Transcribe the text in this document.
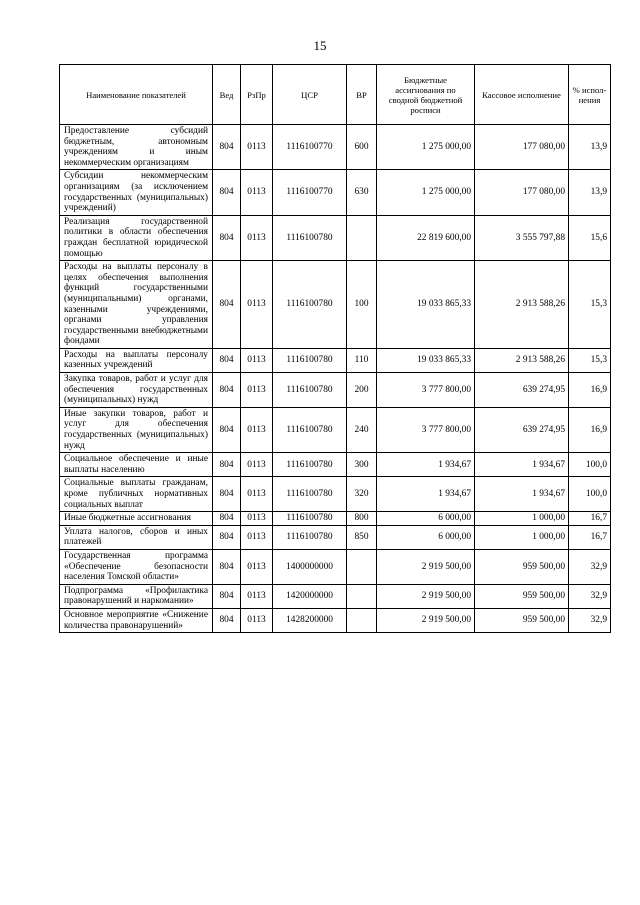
15
Наименование показателей	Вед	РзПр	ЦСР	ВР	Бюджетные ассигнования по сводной бюджетной росписи	Кассовое исполнение	% испол- нения
Предоставление субсидий бюджетным, автономным учреждениям и иным некоммерческим организациям	804	0113	1116100770	600	1 275 000,00	177 080,00	13,9
Субсидии некоммерческим организациям (за исключением государственных (муниципальных) учреждений)	804	0113	1116100770	630	1 275 000,00	177 080,00	13,9
Реализация государственной политики в области обеспечения граждан бесплатной юридической помощью	804	0113	1116100780		22 819 600,00	3 555 797,88	15,6
Расходы на выплаты персоналу в целях обеспечения выполнения функций государственными (муниципальными) органами, казенными учреждениями, органами управления государственными внебюджетными фондами	804	0113	1116100780	100	19 033 865,33	2 913 588,26	15,3
Расходы на выплаты персоналу казенных учреждений	804	0113	1116100780	110	19 033 865,33	2 913 588,26	15,3
Закупка товаров, работ и услуг для обеспечения государственных (муниципальных) нужд	804	0113	1116100780	200	3 777 800,00	639 274,95	16,9
Иные закупки товаров, работ и услуг для обеспечения государственных (муниципальных) нужд	804	0113	1116100780	240	3 777 800,00	639 274,95	16,9
Социальное обеспечение и иные выплаты населению	804	0113	1116100780	300	1 934,67	1 934,67	100,0
Социальные выплаты гражданам, кроме публичных нормативных социальных выплат	804	0113	1116100780	320	1 934,67	1 934,67	100,0
Иные бюджетные ассигнования	804	0113	1116100780	800	6 000,00	1 000,00	16,7
Уплата налогов, сборов и иных платежей	804	0113	1116100780	850	6 000,00	1 000,00	16,7
Государственная программа «Обеспечение безопасности населения Томской области»	804	0113	1400000000		2 919 500,00	959 500,00	32,9
Подпрограмма «Профилактика правонарушений и наркомании»	804	0113	1420000000		2 919 500,00	959 500,00	32,9
Основное мероприятие «Снижение количества правонарушений»	804	0113	1428200000		2 919 500,00	959 500,00	32,9
